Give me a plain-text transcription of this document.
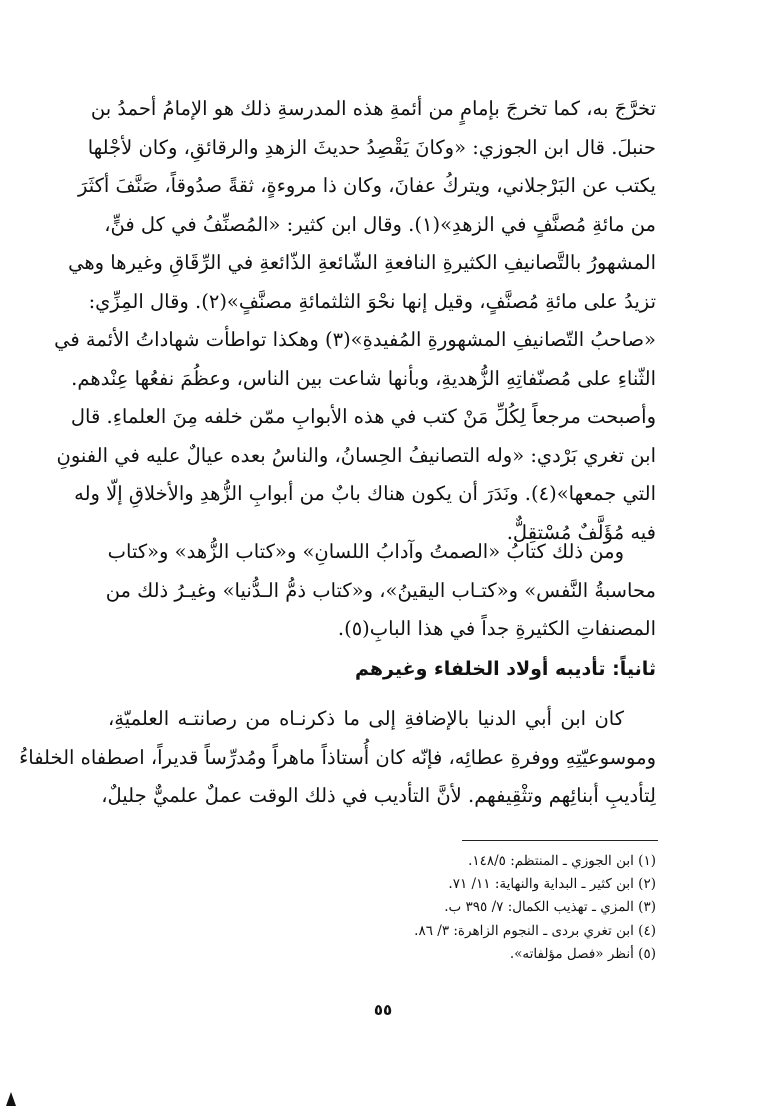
تخرَّجَ به، كما تخرجَ بإمامٍ من أئمةِ هذه المدرسةِ ذلك هو الإمامُ أحمدُ بن
حنبلَ. قال ابن الجوزي: «وكانَ يَقْصِدُ حديثَ الزهدِ والرقائقِ، وكان لأجْلها
يكتب عن البَرْجلاني، ويتركُ عفانَ، وكان ذا مروءةٍ، ثقةً صدُوقاً، صَنَّفَ أكثَرَ
من مائةِ مُصنَّفٍ في الزهدِ»(١). وقال ابن كثير: «المُصنِّفُ في كل فنٍّ،
المشهورُ بالتَّصانيفِ الكثيرةِ النافعةِ الشّائعةِ الذّائعةِ في الرِّقَاقِ وغيرها وهي
تزيدُ على مائةِ مُصنَّفٍ، وقيل إنها نحْوَ الثلثمائةِ مصنَّفٍ»(٢). وقال المِزِّي:
«صاحبُ التّصانيفِ المشهورةِ المُفيدةِ»(٣) وهكذا تواطأت شهاداتُ الأئمة في
الثّناءِ على مُصنّفاتِهِ الزُّهديةِ، وبأنها شاعت بين الناس، وعظُمَ نفعُها عِنْدهم.
وأصبحت مرجعاً لِكُلِّ مَنْ كتب في هذه الأبوابِ ممّن خلفه مِنَ العلماءِ. قال
ابن تغري بَرْدي: «وله التصانيفُ الحِسانُ، والناسُ بعده عيالٌ عليه في الفنونِ
التي جمعها»(٤). ونَدَرَ أن يكون هناك بابٌ من أبوابِ الزُّهدِ والأخلاقِ إلّا وله
فيه مُؤَلَّفٌ مُسْتقِلٌّ.
ومن ذلك كتابُ «الصمتُ وآدابُ اللسانِ» و«كتاب الزُّهد» و«كتاب
محاسبةُ النَّفس» و«كتـاب اليقينُ»، و«كتاب ذمُّ الـدُّنيا» وغيـرُ ذلك من
المصنفاتِ الكثيرةِ جداً في هذا البابِ(٥).
ثانياً: تأديبه أولاد الخلفاء وغيرهم
كان ابن أبي الدنيا بالإضافةِ إلى ما ذكرنـاه من رصانتـه العلميّةِ،
وموسوعيّتِهِ ووفرةِ عطائِه، فإنّه كان أُستاذاً ماهراً ومُدرِّساً قديراً، اصطفاه الخلفاءُ
لِتأديبِ أبنائِهم وتثْقِيفهم. لأنَّ التأديب في ذلك الوقت عملٌ علميٌّ جليلٌ،
(١) ابن الجوزي ـ المنتظم: ١٤٨/٥.
(٢) ابن كثير ـ البداية والنهاية: ١١/ ٧١.
(٣) المزي ـ تهذيب الكمال: ٧/ ٣٩٥ ب.
(٤) ابن تغري بردى ـ النجوم الزاهرة: ٣/ ٨٦.
(٥) أنظر «فصل مؤلفاته».
٥٥
